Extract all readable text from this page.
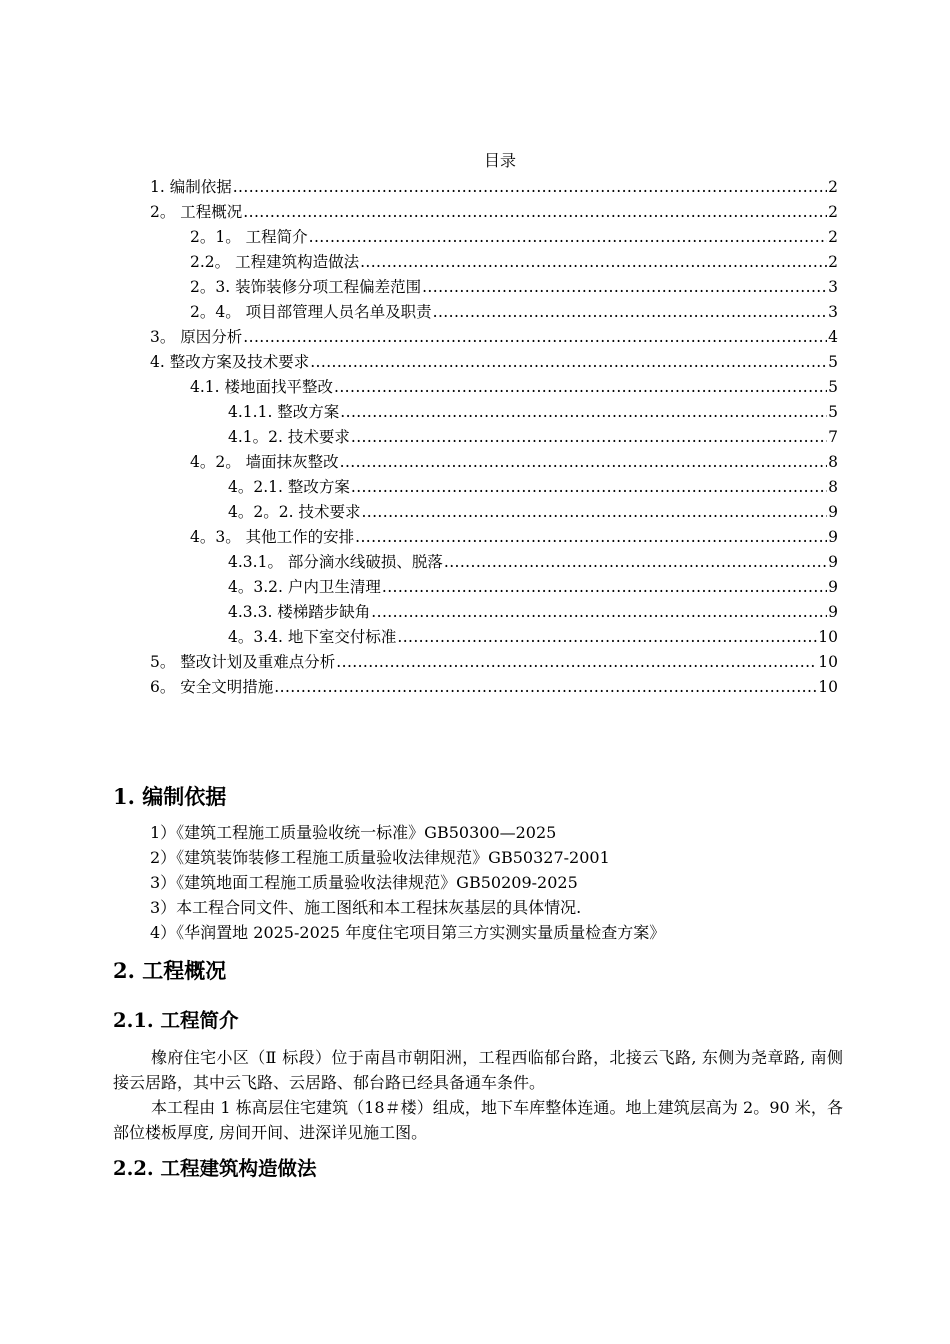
目录
1. 编制依据 .....	2
2。 工程概况 .....	2
2。1。 工程简介 .....	2
2.2。 工程建筑构造做法 .....	2
2。3. 装饰装修分项工程偏差范围 .....	3
2。4。 项目部管理人员名单及职责 .....	3
3。 原因分析 .....	4
4. 整改方案及技术要求 .....	5
4.1. 楼地面找平整改 .....	5
4.1.1. 整改方案 .....	5
4.1。2. 技术要求 .....	7
4。2。 墙面抹灰整改 .....	8
4。2.1. 整改方案 .....	8
4。2。2. 技术要求 .....	9
4。3。 其他工作的安排 .....	9
4.3.1。 部分滴水线破损、脱落 .....	9
4。3.2. 户内卫生清理 .....	9
4.3.3. 楼梯踏步缺角 .....	9
4。3.4. 地下室交付标准 .....	10
5。 整改计划及重难点分析 .....	10
6。 安全文明措施 .....	10
1. 编制依据
1）《建筑工程施工质量验收统一标准》GB50300—2025
2）《建筑装饰装修工程施工质量验收法律规范》GB50327-2001
3）《建筑地面工程施工质量验收法律规范》GB50209-2025
3）本工程合同文件、施工图纸和本工程抹灰基层的具体情况.
4）《华润置地 2025-2025 年度住宅项目第三方实测实量质量检查方案》
2. 工程概况
2.1. 工程简介

橡府住宅小区（Ⅱ 标段）位于南昌市朝阳洲，工程西临郁台路，北接云飞路, 东侧为尧章路, 南侧接云居路，其中云飞路、云居路、郁台路已经具备通车条件。

本工程由 1 栋高层住宅建筑（18＃楼）组成，地下车库整体连通。地上建筑层高为 2。90 米，各部位楼板厚度, 房间开间、进深详见施工图。

2.2. 工程建筑构造做法
